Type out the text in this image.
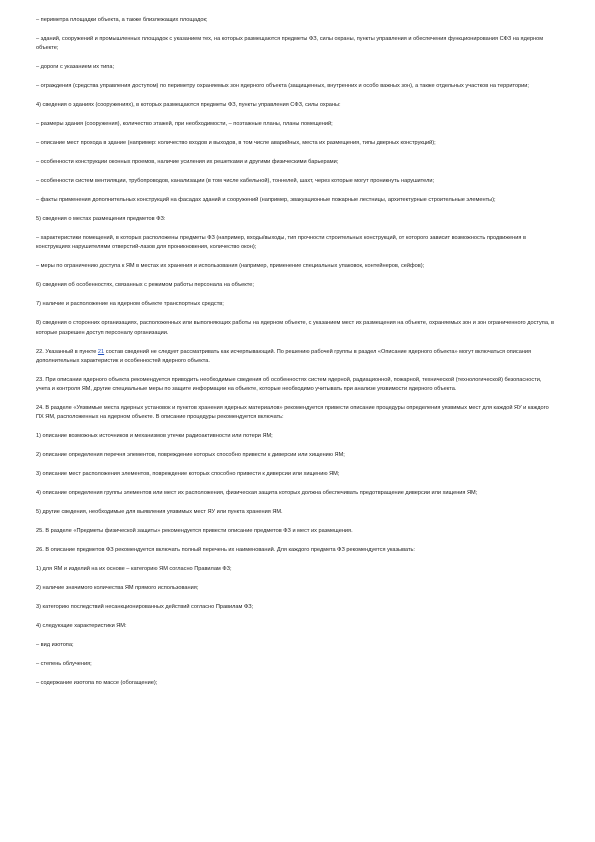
– периметра площадки объекта, а также близлежащих площадок;

– зданий, сооружений и промышленных площадок с указанием тех, на которых размещаются предметы ФЗ, силы охраны, пункты управления и обеспечения функционирования СФЗ на ядерном объекте;

– дороги с указанием их типа;

– ограждения (средства управления доступом) по периметру охраняемых зон ядерного объекта (защищенных, внутренних и особо важных зон), а также отдельных участков на территории;

4) сведения о зданиях (сооружениях), в которых размещаются предметы ФЗ, пункты управления СФЗ, силы охраны:

– размеры здания (сооружения), количество этажей, при необходимости, – поэтажные планы, планы помещений;

– описание мест прохода в здание (например: количество входов и выходов, в том числе аварийных, места их размещения, типы дверных конструкций);

– особенности конструкции оконных проемов, наличие усиления их решетками и другими физическими барьерами;

– особенности систем вентиляции, трубопроводов, канализации (в том числе кабельной), тоннелей, шахт, через которые могут проникнуть нарушители;

– факты применения дополнительных конструкций на фасадах зданий и сооружений (например, эвакуационные пожарные лестницы, архитектурные строительные элементы);

5) сведения о местах размещения предметов ФЗ:

– характеристики помещений, в которых расположены предметы ФЗ (например, входы/выходы, тип прочности строительных конструкций, от которого зависит возможность продвижения в конструкциях нарушителями отверстий-лазов для проникновения, количество окон);

– меры по ограничению доступа к ЯМ в местах их хранения и использования (например, применение специальных упаковок, контейнеров, сейфов);

6) сведения об особенностях, связанных с режимом работы персонала на объекте;

7) наличие и расположение на ядерном объекте транспортных средств;

8) сведения о сторонних организациях, расположенных или выполняющих работы на ядерном объекте, с указанием мест их размещения на объекте, охраняемых зон и зон ограниченного доступа, в которые разрешен доступ персоналу организации.

22. Указанный в пункте 21 состав сведений не следует рассматривать как исчерпывающий. По решению рабочей группы в раздел «Описание ядерного объекта» могут включаться описания дополнительных характеристик и особенностей ядерного объекта.

23. При описании ядерного объекта рекомендуется приводить необходимые сведения об особенностях систем ядерной, радиационной, пожарной, технической (технологической) безопасности, учета и контроля ЯМ, другие специальные меры по защите информации на объекте, которые необходимо учитывать при анализе уязвимости ядерного объекта.

24. В разделе «Уязвимые места ядерных установок и пунктов хранения ядерных материалов» рекомендуется привести описание процедуры определения уязвимых мест для каждой ЯУ и каждого ПХ ЯМ, расположенных на ядерном объекте. В описание процедуры рекомендуется включать:

1) описание возможных источников и механизмов утечки радиоактивности или потери ЯМ;

2) описание определения перечня элементов, повреждение которых способно привести к диверсии или хищению ЯМ;

3) описание мест расположения элементов, повреждение которых способно привести к диверсии или хищению ЯМ;

4) описание определения группы элементов или мест их расположения, физическая защита которых должна обеспечивать предотвращение диверсии или хищения ЯМ;

5) другие сведения, необходимые для выявления уязвимых мест ЯУ или пункта хранения ЯМ.

25. В разделе «Предметы физической защиты» рекомендуется привести описание предметов ФЗ и мест их размещения.

26. В описание предметов ФЗ рекомендуется включать полный перечень их наименований. Для каждого предмета ФЗ рекомендуется указывать:

1) для ЯМ и изделий на их основе – категорию ЯМ согласно Правилам ФЗ;

2) наличие значимого количества ЯМ прямого использования;

3) категорию последствий несанкционированных действий согласно Правилам ФЗ;

4) следующие характеристики ЯМ:

– вид изотопа;

– степень облучения;

– содержание изотопа по массе (обогащение);
